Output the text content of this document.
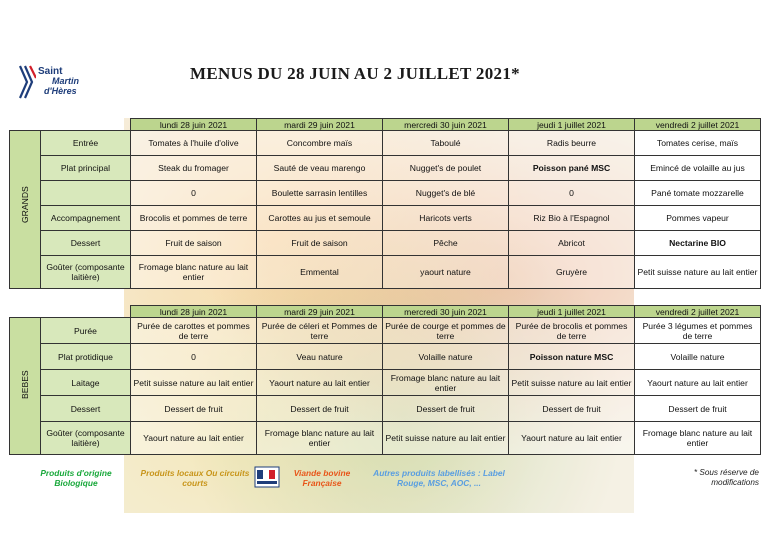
Saint
Martin
d'Hères
MENUS DU 28 JUIN AU 2 JUILLET 2021*
		lundi 28 juin 2021	mardi 29 juin 2021	mercredi 30 juin 2021	jeudi 1 juillet 2021	vendredi 2 juillet 2021

GRANDS	Entrée	Tomates à l'huile d'olive	Concombre maïs	Taboulé	Radis beurre	Tomates cerise, maïs
	Plat principal	Steak du fromager	Sauté de veau marengo	Nugget's de poulet	Poisson pané MSC	Emincé de volaille au jus
		0	Boulette sarrasin lentilles	Nugget's de blé	0	Pané tomate mozzarelle
	Accompagnement	Brocolis et pommes de terre	Carottes au jus et semoule	Haricots verts	Riz Bio à l'Espagnol	Pommes vapeur
	Dessert	Fruit de saison	Fruit de saison	Pêche	Abricot	Nectarine BIO
	Goûter (composante laitière)	Fromage blanc nature au lait entier	Emmental	yaourt nature	Gruyère	Petit suisse nature au lait entier
		lundi 28 juin 2021	mardi 29 juin 2021	mercredi 30 juin 2021	jeudi 1 juillet 2021	vendredi 2 juillet 2021

BEBES	Purée	Purée de carottes et pommes de terre	Purée de céleri et Pommes de terre	Purée de courge et pommes de terre	Purée de brocolis et pommes de terre	Purée 3 légumes et pommes de terre
	Plat protidique	0	Veau nature	Volaille nature	Poisson nature MSC	Volaille nature
	Laitage	Petit suisse nature au lait entier	Yaourt nature au lait entier	Fromage blanc nature au lait entier	Petit suisse nature au lait entier	Yaourt nature au lait entier
	Dessert	Dessert de fruit	Dessert de fruit	Dessert de fruit	Dessert de fruit	Dessert de fruit
	Goûter (composante laitière)	Yaourt nature au lait entier	Fromage blanc nature au lait entier	Petit suisse nature au lait entier	Yaourt nature au lait entier	Fromage blanc nature au lait entier
Produits d'origine Biologique
Produits locaux Ou circuits courts
Viande bovine Française
Autres produits labellisés : Label Rouge, MSC, AOC, ...
* Sous réserve de modifications
